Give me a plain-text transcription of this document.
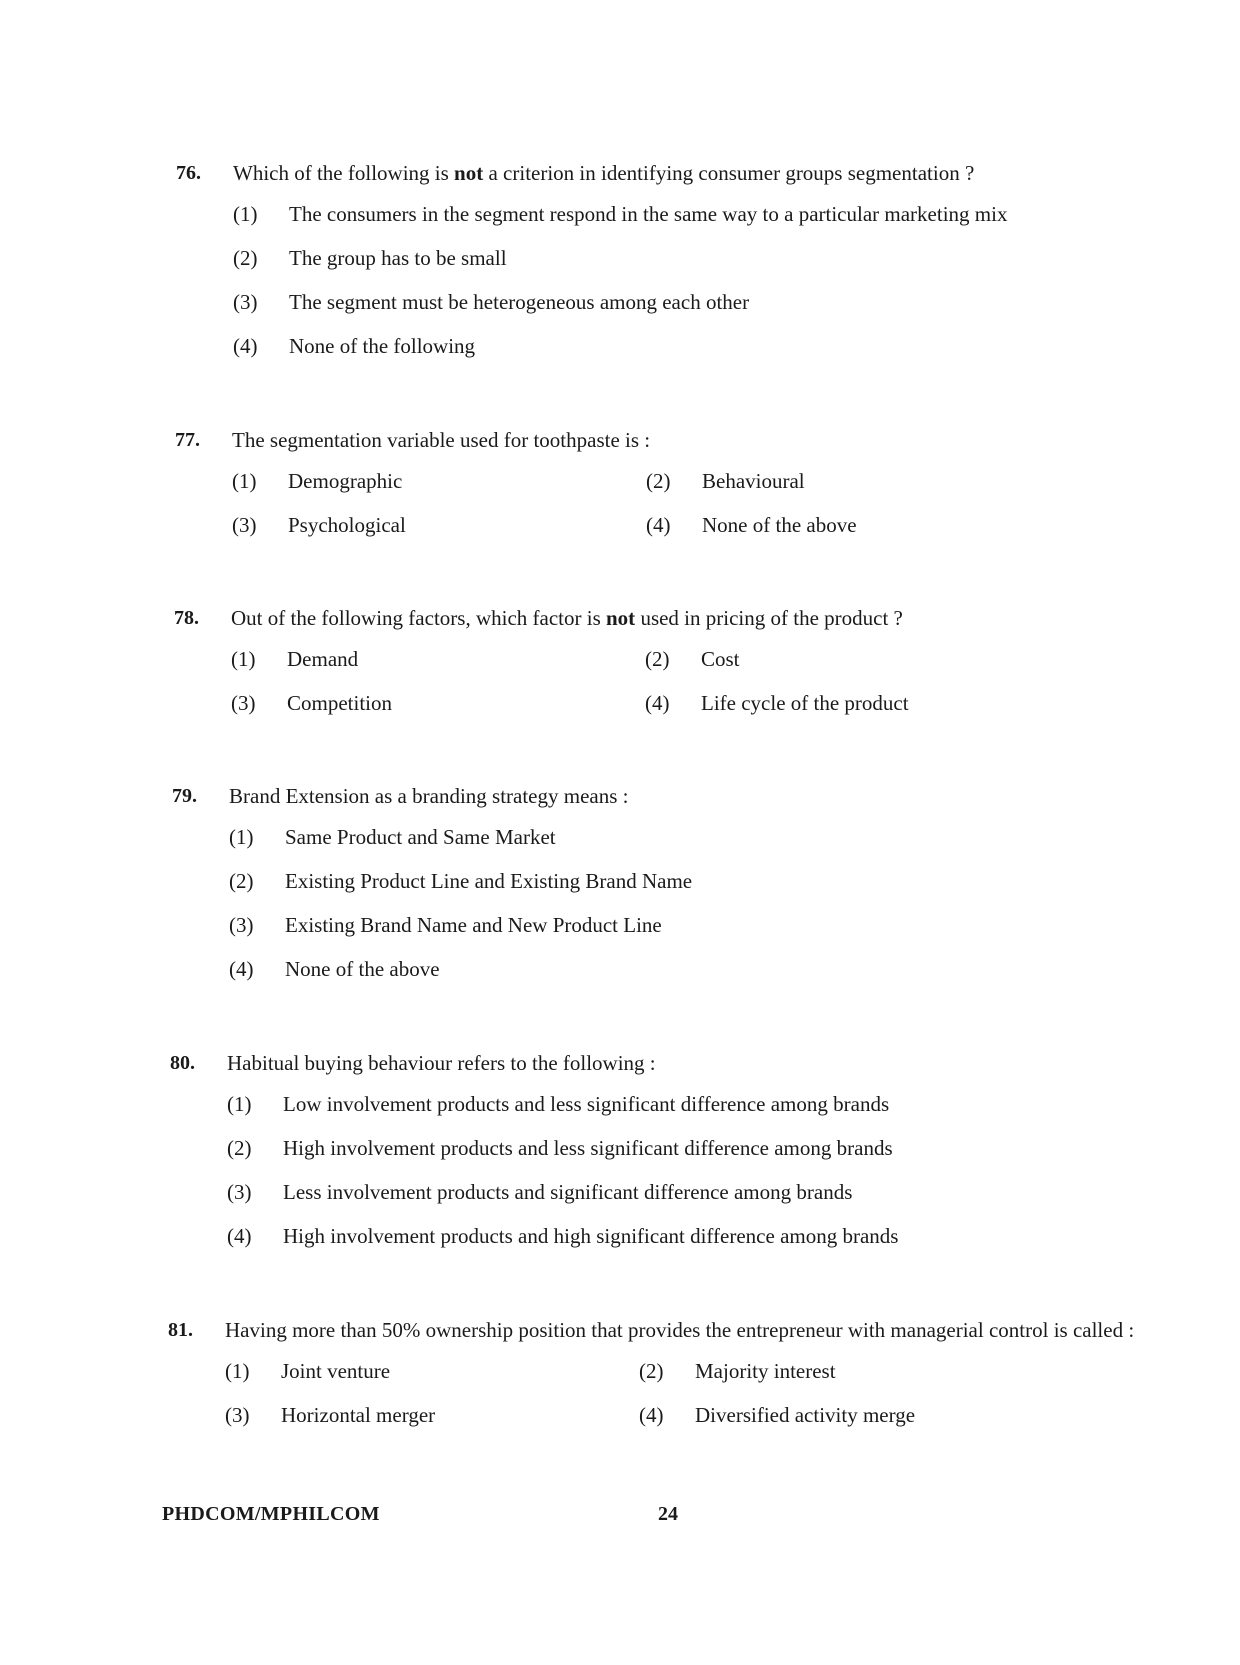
76. Which of the following is not a criterion in identifying consumer groups segmentation ?
(1) The consumers in the segment respond in the same way to a particular marketing mix
(2) The group has to be small
(3) The segment must be heterogeneous among each other
(4) None of the following
77. The segmentation variable used for toothpaste is :
(1) Demographic	(2) Behavioural
(3) Psychological	(4) None of the above
78. Out of the following factors, which factor is not used in pricing of the product ?
(1) Demand	(2) Cost
(3) Competition	(4) Life cycle of the product
79. Brand Extension as a branding strategy means :
(1) Same Product and Same Market
(2) Existing Product Line and Existing Brand Name
(3) Existing Brand Name and New Product Line
(4) None of the above
80. Habitual buying behaviour refers to the following :
(1) Low involvement products and less significant difference among brands
(2) High involvement products and less significant difference among brands
(3) Less involvement products and significant difference among brands
(4) High involvement products and high significant difference among brands
81. Having more than 50% ownership position that provides the entrepreneur with managerial control is called :
(1) Joint venture	(2) Majority interest
(3) Horizontal merger	(4) Diversified activity merge
PHDCOM/MPHILCOM	24
